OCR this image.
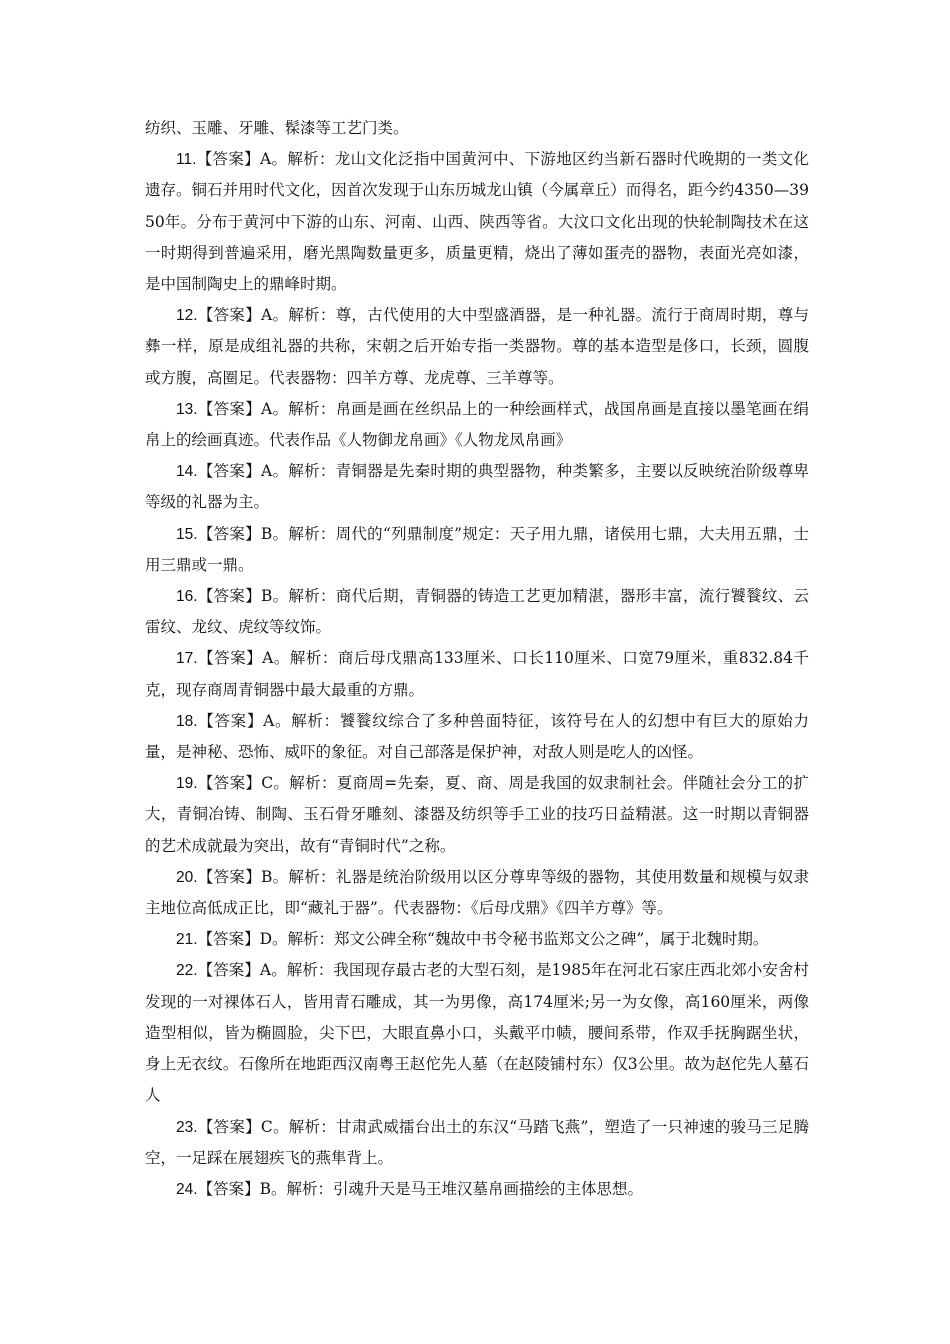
纺织、玉雕、牙雕、髹漆等工艺门类。

11.【答案】A。解析：龙山文化泛指中国黄河中、下游地区约当新石器时代晚期的一类文化遗存。铜石并用时代文化，因首次发现于山东历城龙山镇（今属章丘）而得名，距今约4350—3950年。分布于黄河中下游的山东、河南、山西、陕西等省。大汶口文化出现的快轮制陶技术在这一时期得到普遍采用，磨光黑陶数量更多，质量更精，烧出了薄如蛋壳的器物，表面光亮如漆，是中国制陶史上的鼎峰时期。

12.【答案】A。解析：尊，古代使用的大中型盛酒器，是一种礼器。流行于商周时期，尊与彝一样，原是成组礼器的共称，宋朝之后开始专指一类器物。尊的基本造型是侈口，长颈，圆腹或方腹，高圈足。代表器物：四羊方尊、龙虎尊、三羊尊等。

13.【答案】A。解析：帛画是画在丝织品上的一种绘画样式，战国帛画是直接以墨笔画在绢帛上的绘画真迹。代表作品《人物御龙帛画》《人物龙凤帛画》

14.【答案】A。解析：青铜器是先秦时期的典型器物，种类繁多，主要以反映统治阶级尊卑等级的礼器为主。

15.【答案】B。解析：周代的“列鼎制度”规定：天子用九鼎，诸侯用七鼎，大夫用五鼎，士用三鼎或一鼎。

16.【答案】B。解析：商代后期，青铜器的铸造工艺更加精湛，器形丰富，流行饕餮纹、云雷纹、龙纹、虎纹等纹饰。

17.【答案】A。解析：商后母戊鼎高133厘米、口长110厘米、口宽79厘米，重832.84千克，现存商周青铜器中最大最重的方鼎。

18.【答案】A。解析：饕餮纹综合了多种兽面特征，该符号在人的幻想中有巨大的原始力量，是神秘、恐怖、威吓的象征。对自己部落是保护神，对敌人则是吃人的凶怪。

19.【答案】C。解析：夏商周=先秦，夏、商、周是我国的奴隶制社会。伴随社会分工的扩大，青铜冶铸、制陶、玉石骨牙雕刻、漆器及纺织等手工业的技巧日益精湛。这一时期以青铜器的艺术成就最为突出，故有“青铜时代”之称。

20.【答案】B。解析：礼器是统治阶级用以区分尊卑等级的器物，其使用数量和规模与奴隶主地位高低成正比，即“藏礼于器”。代表器物：《后母戊鼎》《四羊方尊》等。

21.【答案】D。解析：郑文公碑全称“魏故中书令秘书监郑文公之碑”，属于北魏时期。

22.【答案】A。解析：我国现存最古老的大型石刻，是1985年在河北石家庄西北郊小安舍村发现的一对裸体石人，皆用青石雕成，其一为男像，高174厘米;另一为女像，高160厘米，两像造型相似，皆为椭圆脸，尖下巴，大眼直鼻小口，头戴平巾帻，腰间系带，作双手抚胸踞坐状，身上无衣纹。石像所在地距西汉南粤王赵佗先人墓（在赵陵铺村东）仅3公里。故为赵佗先人墓石人

23.【答案】C。解析：甘肃武威擂台出土的东汉“马踏飞燕”，塑造了一只神速的骏马三足腾空，一足踩在展翅疾飞的燕隼背上。

24.【答案】B。解析：引魂升天是马王堆汉墓帛画描绘的主体思想。
